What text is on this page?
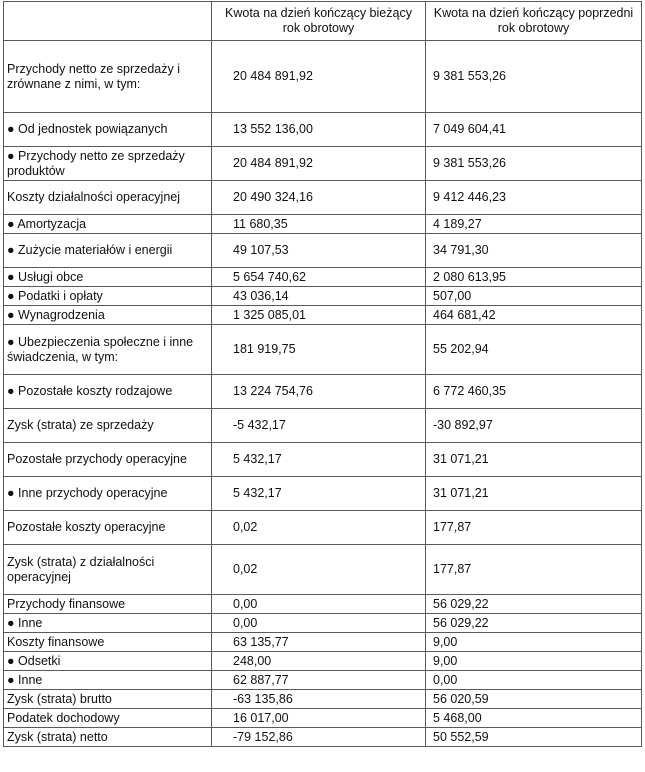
	Kwota na dzień kończący bieżący rok obrotowy	Kwota na dzień kończący poprzedni rok obrotowy
Przychody netto ze sprzedaży i zrównane z nimi, w tym:	20 484 891,92	9 381 553,26
● Od jednostek powiązanych	13 552 136,00	7 049 604,41
● Przychody netto ze sprzedaży produktów	20 484 891,92	9 381 553,26
Koszty działalności operacyjnej	20 490 324,16	9 412 446,23
● Amortyzacja	11 680,35	4 189,27
● Zużycie materiałów i energii	49 107,53	34 791,30
● Usługi obce	5 654 740,62	2 080 613,95
● Podatki i opłaty	43 036,14	507,00
● Wynagrodzenia	1 325 085,01	464 681,42
● Ubezpieczenia społeczne i inne świadczenia, w tym:	181 919,75	55 202,94
● Pozostałe koszty rodzajowe	13 224 754,76	6 772 460,35
Zysk (strata) ze sprzedaży	-5 432,17	-30 892,97
Pozostałe przychody operacyjne	5 432,17	31 071,21
● Inne przychody operacyjne	5 432,17	31 071,21
Pozostałe koszty operacyjne	0,02	177,87
Zysk (strata) z działalności operacyjnej	0,02	177,87
Przychody finansowe	0,00	56 029,22
● Inne	0,00	56 029,22
Koszty finansowe	63 135,77	9,00
● Odsetki	248,00	9,00
● Inne	62 887,77	0,00
Zysk (strata) brutto	-63 135,86	56 020,59
Podatek dochodowy	16 017,00	5 468,00
Zysk (strata) netto	-79 152,86	50 552,59
